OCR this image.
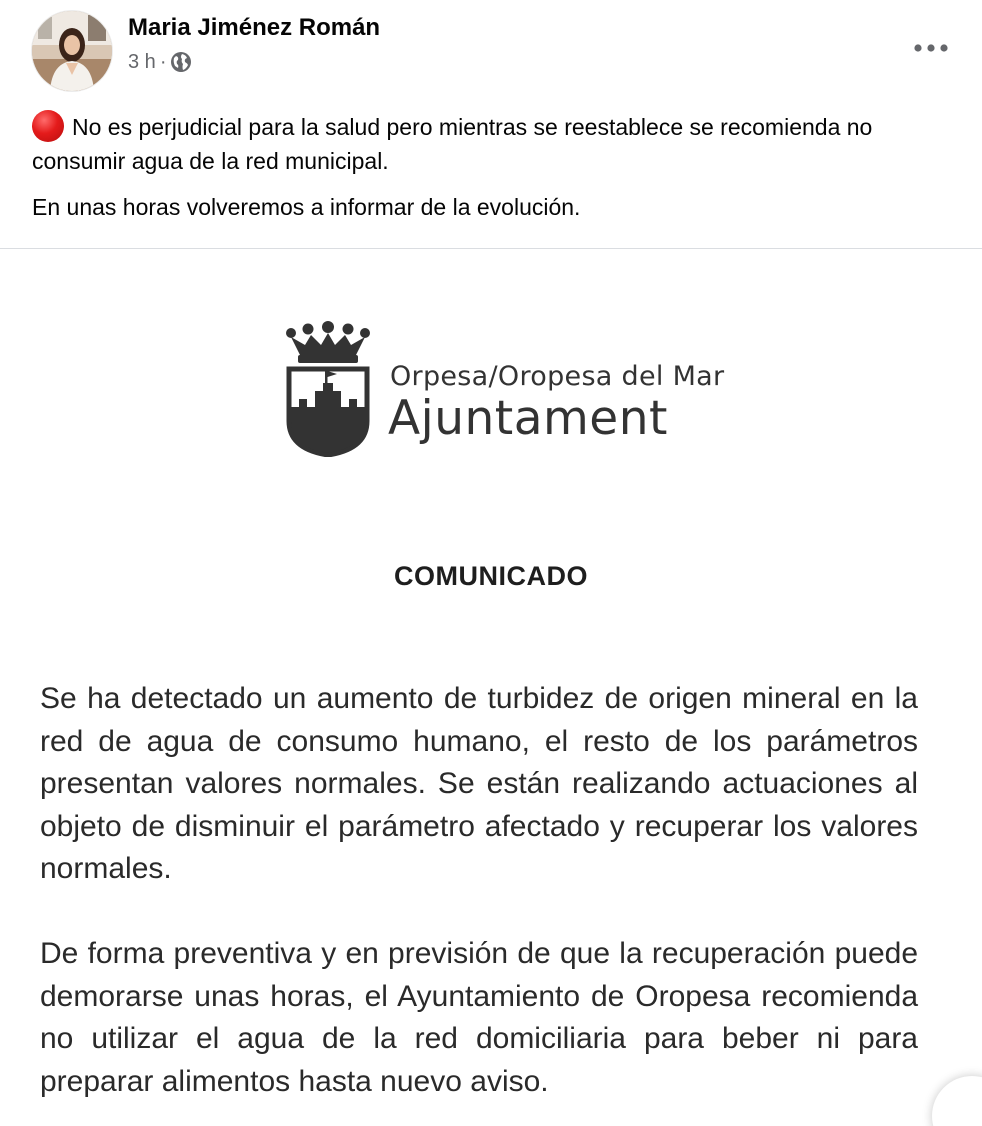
Maria Jiménez Román
3 h ·

No es perjudicial para la salud pero mientras se reestablece se recomienda no consumir agua de la red municipal.

En unas horas volveremos a informar de la evolución.

Orpesa/Oropesa del Mar
Ajuntament
COMUNICADO

Se ha detectado un aumento de turbidez de origen mineral en la red de agua de consumo humano, el resto de los parámetros presentan valores normales. Se están realizando actuaciones al objeto de disminuir el parámetro afectado y recuperar los valores normales.

De forma preventiva y en previsión de que la recuperación puede demorarse unas horas, el Ayuntamiento de Oropesa recomienda no utilizar el agua de la red domiciliaria para beber ni para preparar alimentos hasta nuevo aviso.
